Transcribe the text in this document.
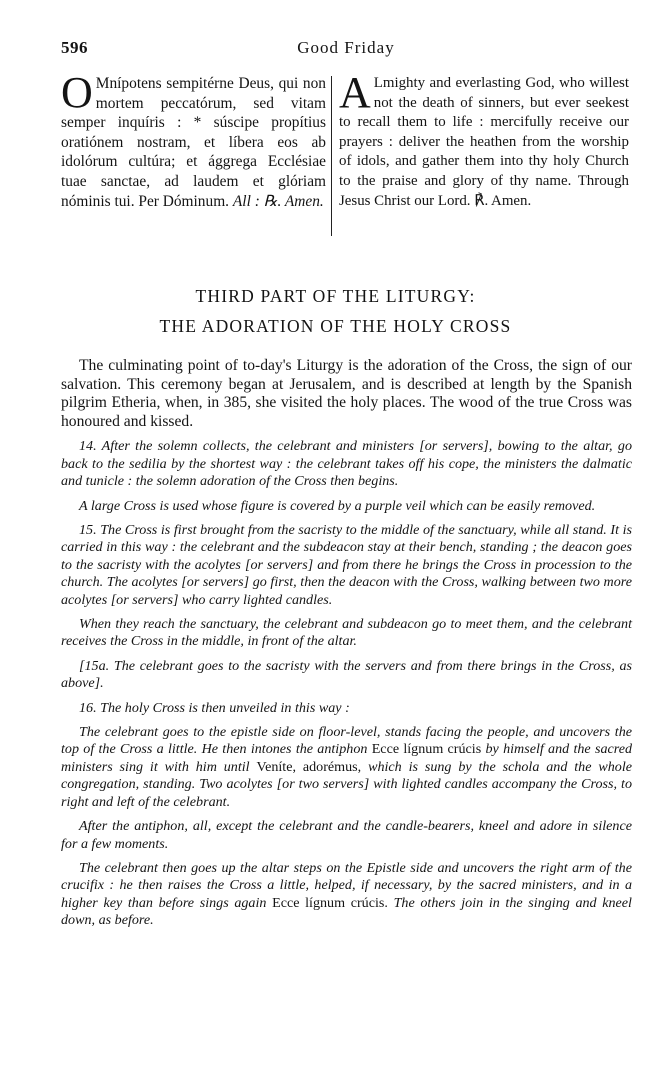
596	Good Friday

O Mnípotens sempitérne Deus, qui non mortem peccatórum, sed vitam semper inquíris : * súscipe propítius oratiónem nostram, et líbera eos ab idolórum cultúra; et ággrega Ecclésiae tuae sanctae, ad laudem et glóriam nóminis tui. Per Dóminum. All : ℞. Amen.

A Lmighty and everlasting God, who willest not the death of sinners, but ever seekest to recall them to life : mercifully receive our prayers : deliver the heathen from the worship of idols, and gather them into thy holy Church to the praise and glory of thy name. Through Jesus Christ our Lord. ℟. Amen.

THIRD PART OF THE LITURGY:
THE ADORATION OF THE HOLY CROSS

The culminating point of to-day's Liturgy is the adoration of the Cross, the sign of our salvation. This ceremony began at Jerusalem, and is described at length by the Spanish pilgrim Etheria, when, in 385, she visited the holy places. The wood of the true Cross was honoured and kissed.

14. After the solemn collects, the celebrant and ministers [or servers], bowing to the altar, go back to the sedilia by the shortest way : the celebrant takes off his cope, the ministers the dalmatic and tunicle : the solemn adoration of the Cross then begins.

A large Cross is used whose figure is covered by a purple veil which can be easily removed.

15. The Cross is first brought from the sacristy to the middle of the sanctuary, while all stand. It is carried in this way : the celebrant and the subdeacon stay at their bench, standing ; the deacon goes to the sacristy with the acolytes [or servers] and from there he brings the Cross in procession to the church. The acolytes [or servers] go first, then the deacon with the Cross, walking between two more acolytes [or servers] who carry lighted candles.

When they reach the sanctuary, the celebrant and subdeacon go to meet them, and the celebrant receives the Cross in the middle, in front of the altar.

[15a. The celebrant goes to the sacristy with the servers and from there brings in the Cross, as above].

16. The holy Cross is then unveiled in this way :

The celebrant goes to the epistle side on floor-level, stands facing the people, and uncovers the top of the Cross a little. He then intones the antiphon Ecce lígnum crúcis by himself and the sacred ministers sing it with him until Veníte, adorémus, which is sung by the schola and the whole congregation, standing. Two acolytes [or two servers] with lighted candles accompany the Cross, to right and left of the celebrant.

After the antiphon, all, except the celebrant and the candle-bearers, kneel and adore in silence for a few moments.

The celebrant then goes up the altar steps on the Epistle side and uncovers the right arm of the crucifix : he then raises the Cross a little, helped, if necessary, by the sacred ministers, and in a higher key than before sings again Ecce lígnum crúcis. The others join in the singing and kneel down, as before.
